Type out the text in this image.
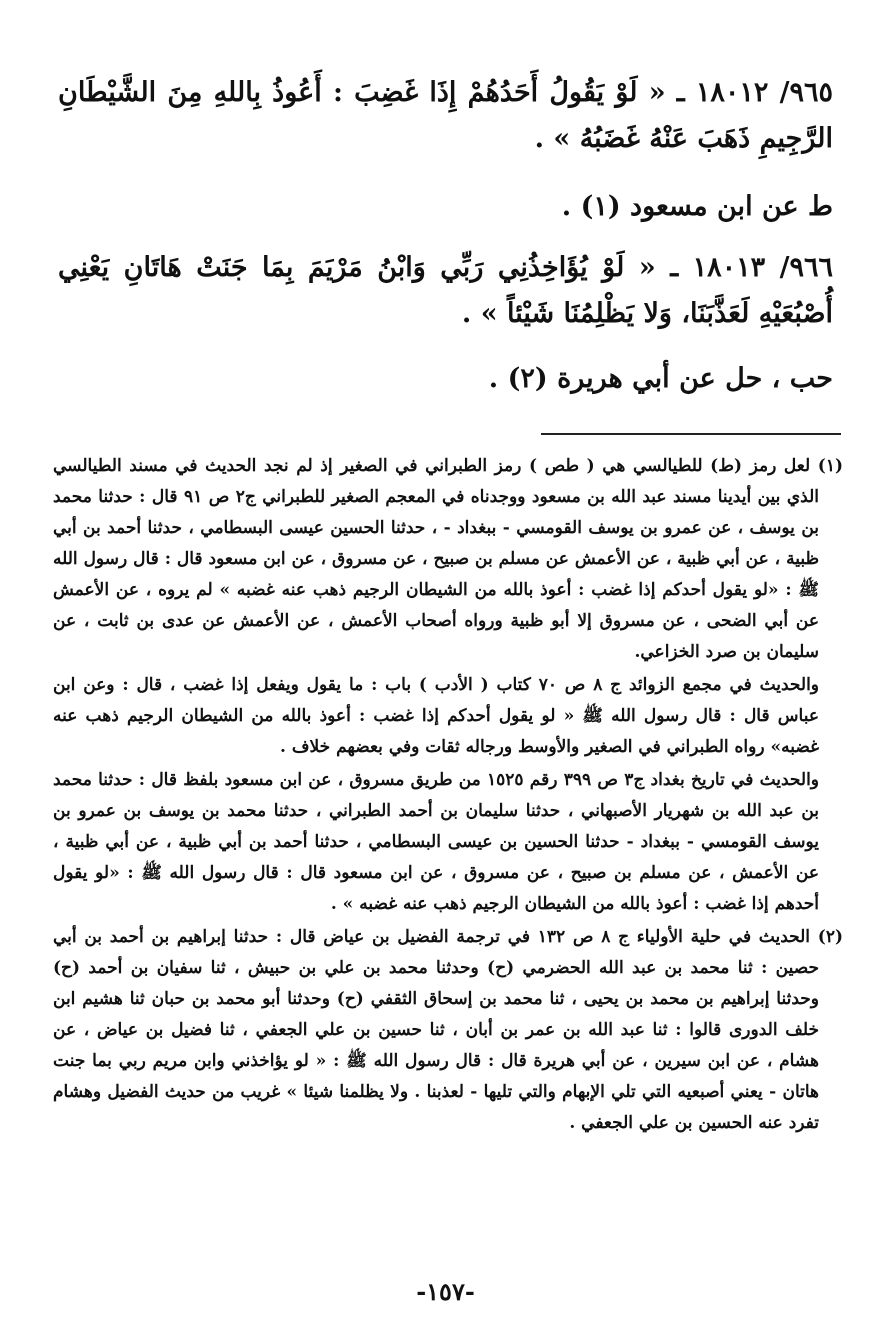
٩٦٥/ ١٨٠١٢ ـ « لَوْ يَقُولُ أَحَدُهُمْ إِذَا غَضِبَ : أَعُوذُ بِاللهِ مِنَ الشَّيْطَانِ الرَّجِيمِ ذَهَبَ عَنْهُ غَضَبُهُ » .

ط عن ابن مسعود (١) .

٩٦٦/ ١٨٠١٣ ـ « لَوْ يُؤَاخِذُنِي رَبِّي وَابْنُ مَرْيَمَ بِمَا جَنَتْ هَاتَانِ يَعْنِي أُصْبُعَيْهِ لَعَذَّبَنَا، وَلا يَظْلِمُنَا شَيْئاً » .

حب ، حل عن أبي هريرة (٢) .

(١) لعل رمز (ط) للطيالسي هي ( طص ) رمز الطبراني في الصغير إذ لم نجد الحديث في مسند الطيالسي الذي بين أيدينا مسند عبد الله بن مسعود ووجدناه في المعجم الصغير للطبراني ج٢ ص ٩١ قال : حدثنا محمد بن يوسف ، عن عمرو بن يوسف القومسي - ببغداد - ، حدثنا الحسين عيسى البسطامي ، حدثنا أحمد بن أبي ظبية ، عن أبي ظبية ، عن الأعمش عن مسلم بن صبيح ، عن مسروق ، عن ابن مسعود قال : قال رسول الله ﷺ : «لو يقول أحدكم إذا غضب : أعوذ بالله من الشيطان الرجيم ذهب عنه غضبه » لم يروه ، عن الأعمش عن أبي الضحى ، عن مسروق إلا أبو ظبية ورواه أصحاب الأعمش ، عن الأعمش عن عدى بن ثابت ، عن سليمان بن صرد الخزاعي.

والحديث في مجمع الزوائد ج ٨ ص ٧٠ كتاب ( الأدب ) باب : ما يقول ويفعل إذا غضب ، قال : وعن ابن عباس قال : قال رسول الله ﷺ « لو يقول أحدكم إذا غضب : أعوذ بالله من الشيطان الرجيم ذهب عنه غضبه» رواه الطبراني في الصغير والأوسط ورجاله ثقات وفي بعضهم خلاف .

والحديث في تاريخ بغداد ج٣ ص ٣٩٩ رقم ١٥٢٥ من طريق مسروق ، عن ابن مسعود بلفظ قال : حدثنا محمد بن عبد الله بن شهريار الأصبهاني ، حدثنا سليمان بن أحمد الطبراني ، حدثنا محمد بن يوسف بن عمرو بن يوسف القومسي - ببغداد - حدثنا الحسين بن عيسى البسطامي ، حدثنا أحمد بن أبي ظبية ، عن أبي ظبية ، عن الأعمش ، عن مسلم بن صبيح ، عن مسروق ، عن ابن مسعود قال : قال رسول الله ﷺ : «لو يقول أحدهم إذا غضب : أعوذ بالله من الشيطان الرجيم ذهب عنه غضبه » .

(٢) الحديث في حلية الأولياء ج ٨ ص ١٣٢ في ترجمة الفضيل بن عياض قال : حدثنا إبراهيم بن أحمد بن أبي حصين : ثنا محمد بن عبد الله الحضرمي (ح) وحدثنا محمد بن علي بن حبيش ، ثنا سفيان بن أحمد (ح) وحدثنا إبراهيم بن محمد بن يحيى ، ثنا محمد بن إسحاق الثقفي (ح) وحدثنا أبو محمد بن حبان ثنا هشيم ابن خلف الدورى قالوا : ثنا عبد الله بن عمر بن أبان ، ثنا حسين بن علي الجعفي ، ثنا فضيل بن عياض ، عن هشام ، عن ابن سيرين ، عن أبي هريرة قال : قال رسول الله ﷺ : « لو يؤاخذني وابن مريم ربي بما جنت هاتان - يعني أصبعيه التي تلي الإبهام والتي تليها - لعذبنا . ولا يظلمنا شيئا » غريب من حديث الفضيل وهشام تفرد عنه الحسين بن علي الجعفي .

-١٥٧-
